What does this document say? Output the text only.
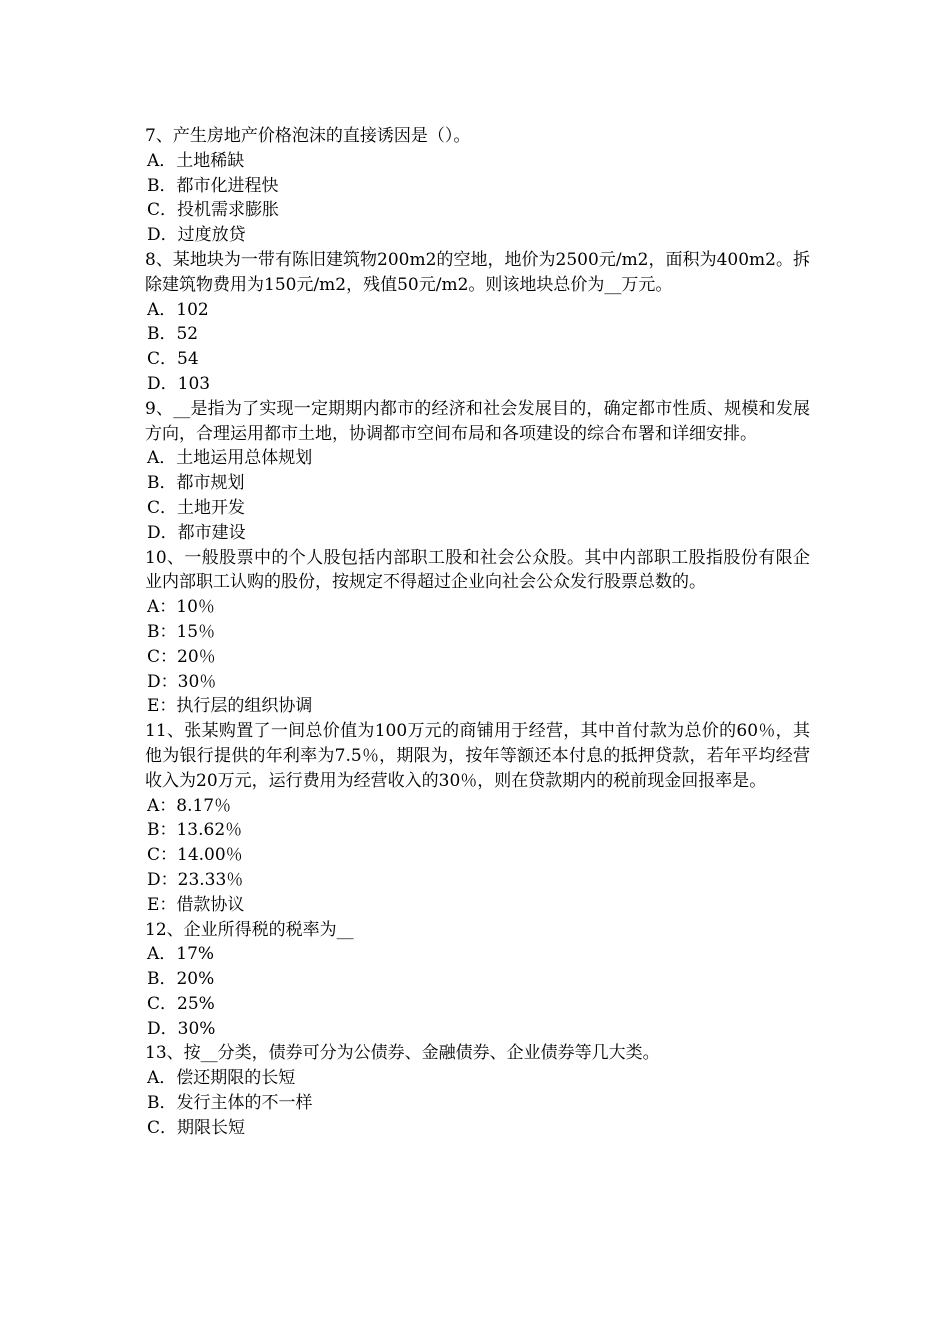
7、产生房地产价格泡沫的直接诱因是（）。
A．土地稀缺
B．都市化进程快
C．投机需求膨胀
D．过度放贷
8、某地块为一带有陈旧建筑物200m2的空地，地价为2500元/m2，面积为400m2。拆除建筑物费用为150元/m2，残值50元/m2。则该地块总价为__万元。
A．102
B．52
C．54
D．103
9、__是指为了实现一定期期内都市的经济和社会发展目的，确定都市性质、规模和发展方向，合理运用都市土地，协调都市空间布局和各项建设的综合布署和详细安排。
A．土地运用总体规划
B．都市规划
C．土地开发
D．都市建设
10、一般股票中的个人股包括内部职工股和社会公众股。其中内部职工股指股份有限企业内部职工认购的股份，按规定不得超过企业向社会公众发行股票总数的。
A：10％
B：15％
C：20％
D：30％
E：执行层的组织协调
11、张某购置了一间总价值为100万元的商铺用于经营，其中首付款为总价的60％，其他为银行提供的年利率为7.5％，期限为，按年等额还本付息的抵押贷款，若年平均经营收入为20万元，运行费用为经营收入的30％，则在贷款期内的税前现金回报率是。
A：8.17％
B：13.62％
C：14.00％
D：23.33％
E：借款协议
12、企业所得税的税率为__
A．17%
B．20%
C．25%
D．30%
13、按__分类，债券可分为公债券、金融债券、企业债券等几大类。
A．偿还期限的长短
B．发行主体的不一样
C．期限长短
